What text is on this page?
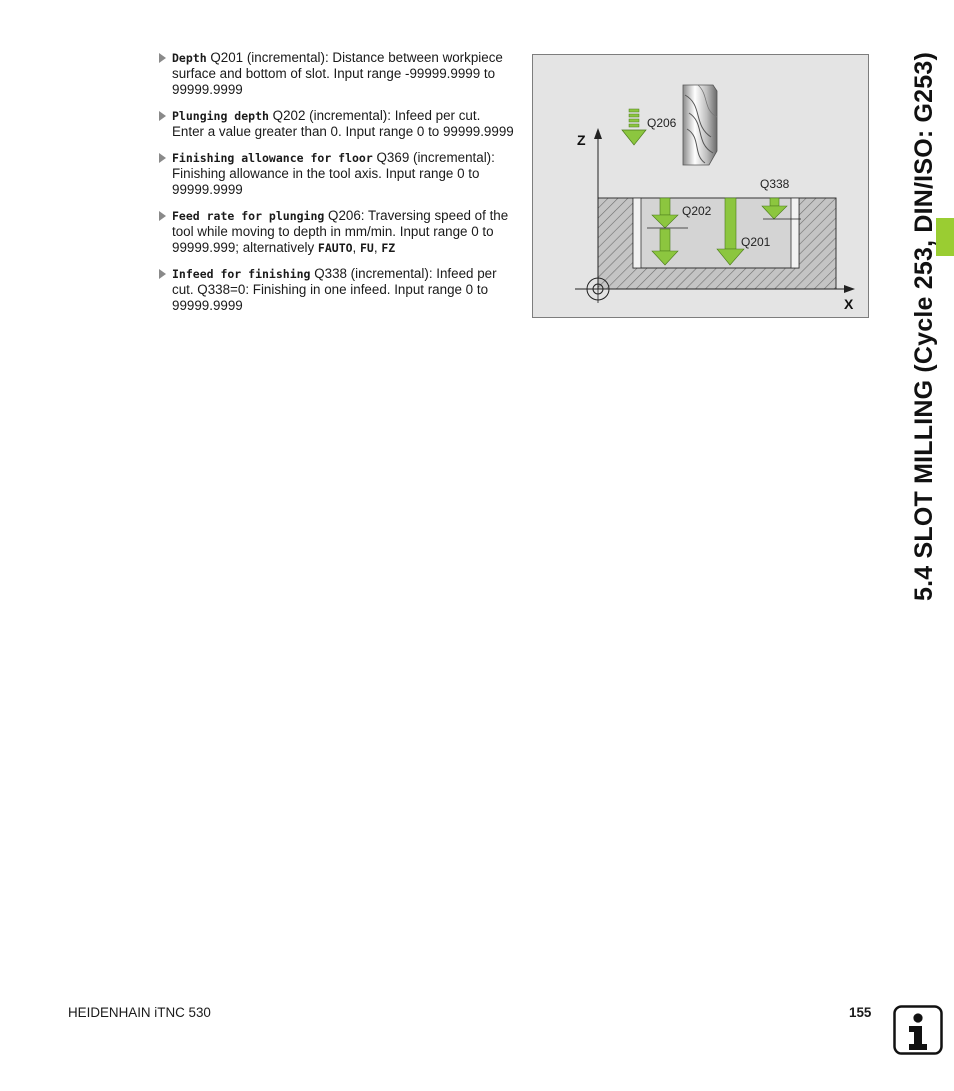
Depth Q201 (incremental): Distance between workpiece surface and bottom of slot. Input range -99999.9999 to 99999.9999
Plunging depth Q202 (incremental): Infeed per cut. Enter a value greater than 0. Input range 0 to 99999.9999
Finishing allowance for floor Q369 (incremental): Finishing allowance in the tool axis. Input range 0 to 99999.9999
Feed rate for plunging Q206: Traversing speed of the tool while moving to depth in mm/min. Input range 0 to 99999.999; alternatively FAUTO, FU, FZ
Infeed for finishing Q338 (incremental): Infeed per cut. Q338=0: Finishing in one infeed. Input range 0 to 99999.9999
Z
X
Q206
Q202
Q201
Q338	5.4 SLOT MILLING (Cycle 253, DIN/ISO: G253)
HEIDENHAIN iTNC 530	155
